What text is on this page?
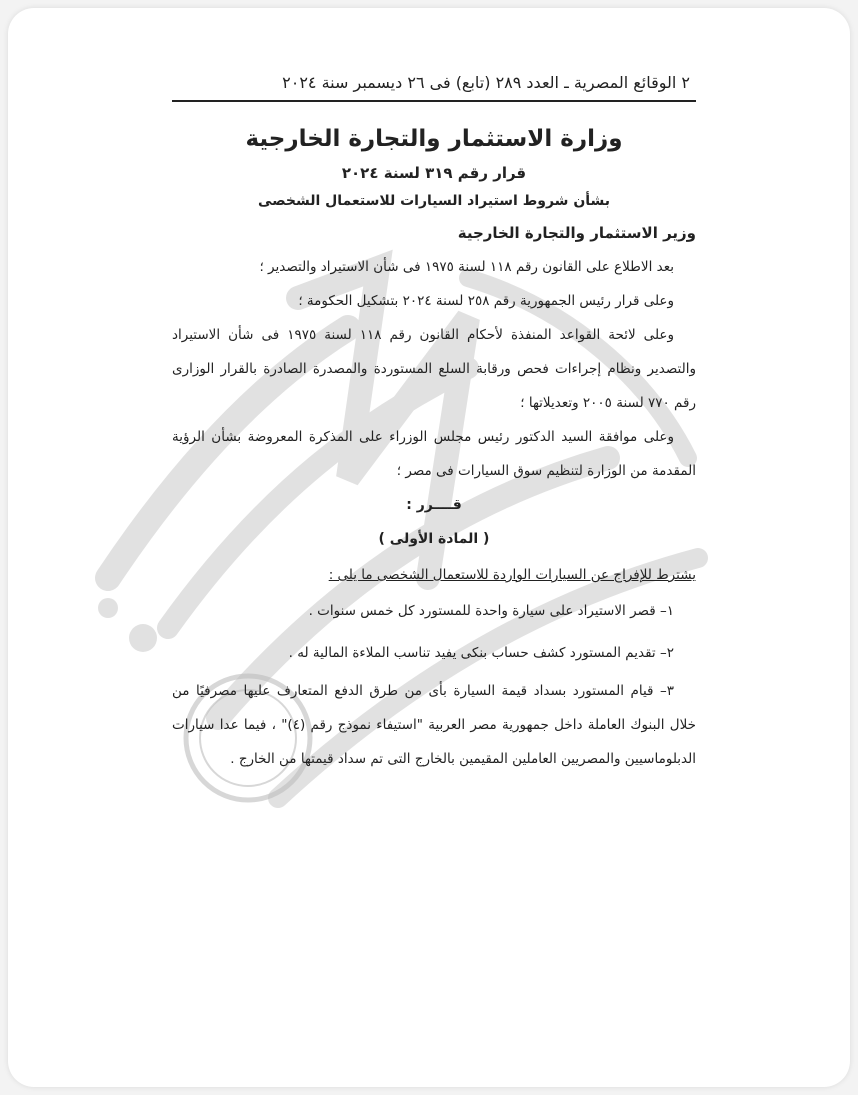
٢ الوقائع المصرية ـ العدد ٢٨٩ (تابع) فى ٢٦ ديسمبر سنة ٢٠٢٤
وزارة الاستثمار والتجارة الخارجية
قرار رقم ٣١٩ لسنة ٢٠٢٤
بشأن شروط استيراد السيارات للاستعمال الشخصى
وزير الاستثمار والتجارة الخارجية
بعد الاطلاع على القانون رقم ١١٨ لسنة ١٩٧٥ فى شأن الاستيراد والتصدير ؛
وعلى قرار رئيس الجمهورية رقم ٢٥٨ لسنة ٢٠٢٤ بتشكيل الحكومة ؛
وعلى لائحة القواعد المنفذة لأحكام القانون رقم ١١٨ لسنة ١٩٧٥ فى شأن الاستيراد والتصدير ونظام إجراءات فحص ورقابة السلع المستوردة والمصدرة الصادرة بالقرار الوزارى رقم ٧٧٠ لسنة ٢٠٠٥ وتعديلاتها ؛
وعلى موافقة السيد الدكتور رئيس مجلس الوزراء على المذكرة المعروضة بشأن الرؤية المقدمة من الوزارة لتنظيم سوق السيارات فى مصر ؛
قــــرر :
( المادة الأولى )
يشترط للإفراج عن السيارات الواردة للاستعمال الشخصى ما يلى :
١– قصر الاستيراد على سيارة واحدة للمستورد كل خمس سنوات .
٢– تقديم المستورد كشف حساب بنكى يفيد تناسب الملاءة المالية له .
٣– قيام المستورد بسداد قيمة السيارة بأى من طرق الدفع المتعارف عليها مصرفيًا من خلال البنوك العاملة داخل جمهورية مصر العربية "استيفاء نموذج رقم (٤)" ، فيما عدا سيارات الدبلوماسيين والمصريين العاملين المقيمين بالخارج التى تم سداد قيمتها من الخارج .
